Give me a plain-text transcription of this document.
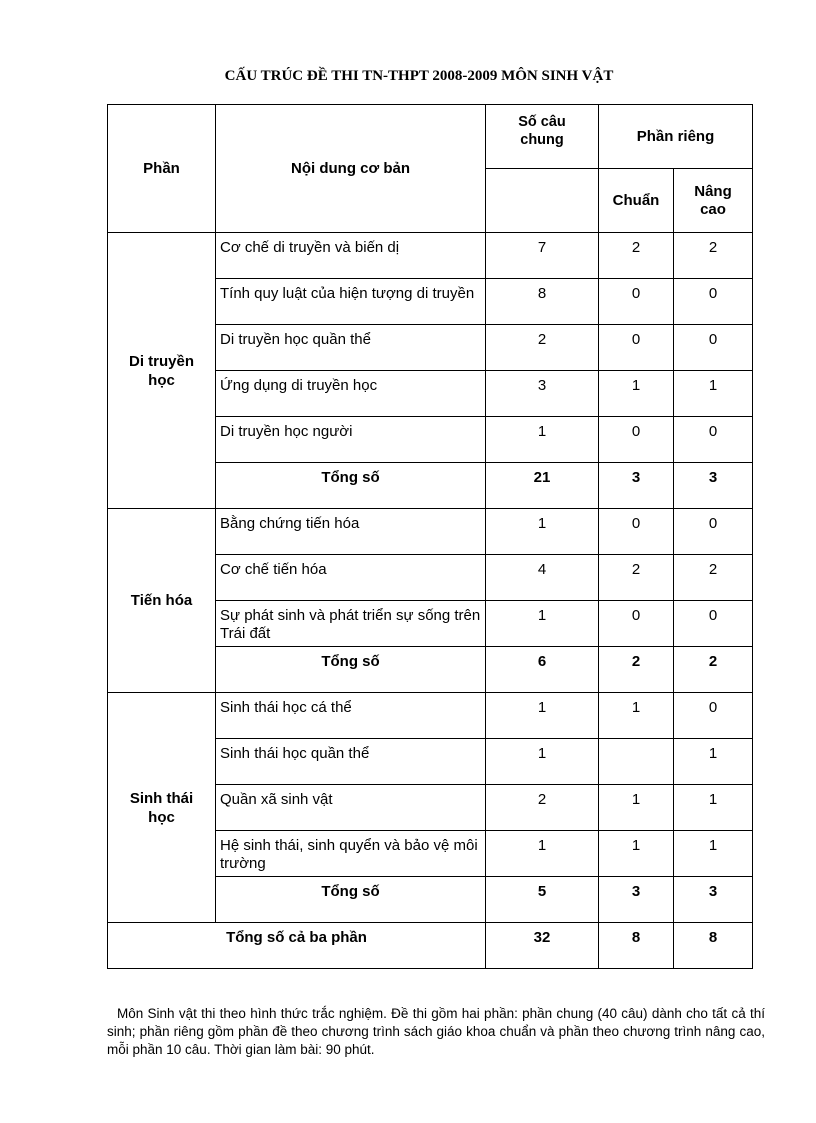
CẤU TRÚC ĐỀ THI TN-THPT 2008-2009 MÔN SINH VẬT
Phần	Nội dung cơ bản	Số câu chung	Phần riêng	
			Chuẩn	Nâng cao
Di truyền học	Cơ chế di truyền và biến dị	7	2	2
	Tính quy luật của hiện tượng di truyền	8	0	0
	Di truyền học quần thể	2	0	0
	Ứng dụng di truyền học	3	1	1
	Di truyền học người	1	0	0
	Tổng số	21	3	3
Tiến hóa	Bằng chứng tiến hóa	1	0	0
	Cơ chế tiến hóa	4	2	2
	Sự phát sinh và phát triển sự sống trên Trái đất	1	0	0
	Tổng số	6	2	2
Sinh thái học	Sinh thái học cá thể	1	1	0
	Sinh thái học quần thể	1		1
	Quần xã sinh vật	2	1	1
	Hệ sinh thái, sinh quyển và bảo vệ môi trường	1	1	1
	Tổng số	5	3	3
Tổng số cả ba phần		32	8	8
Môn Sinh vật thi theo hình thức trắc nghiệm. Đề thi gồm hai phần: phần chung (40 câu) dành cho tất cả thí sinh; phần riêng gồm phần đề theo chương trình sách giáo khoa chuẩn và phần theo chương trình nâng cao, mỗi phần 10 câu. Thời gian làm bài: 90 phút.
